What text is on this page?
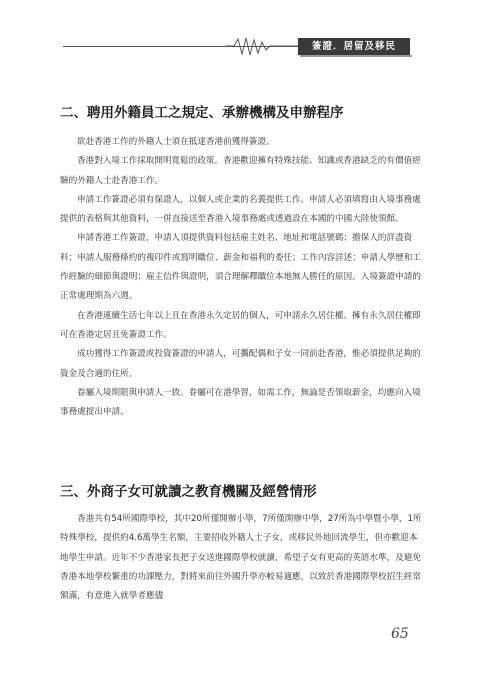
簽證．居留及移民
二、聘用外籍員工之規定、承辦機構及申辦程序

欲赴香港工作的外籍人士須在抵達香港前獲得簽證。

香港對入境工作採取開明寬鬆的政策。香港歡迎擁有特殊技能、知識或香港缺乏的有價值經驗的外籍人士赴香港工作。

申請工作簽證必須有保證人，以個人或企業的名義提供工作。申請人必須填寫由入境事務處提供的表格與其他資料，一併直接送至香港入境事務處或透過設在本國的中國大陸使領館。

申請香港工作簽證，申請人須提供資料包括雇主姓名、地址和電話號碼；擔保人的詳盡資料；申請人服務條約的複印件或寫明職位、薪金和福利的委任；工作內容詳述；申請人學歷和工作經驗的細節與證明；雇主信件與證明，須合理解釋職位本地無人勝任的原因。入境簽證申請的正常處理期為六週。

在香港連續生活七年以上且在香港永久定居的個人，可申請永久居住權。擁有永久居住權即可在香港定居且免簽證工作。

成功獲得工作簽證或投資簽證的申請人，可攜配偶和子女一同前赴香港，惟必須提供足夠的資金及合適的住所。

眷屬入境期限與申請人一致。眷屬可在港學習，如需工作，無論是否領取薪金，均應向入境事務處提出申請。

三、外商子女可就讀之教育機關及經營情形

香港共有54所國際學校，其中20所僅開辦小學，7所僅開辦中學，27所為中學暨小學，1所特殊學校，提供約4.6萬學生名額，主要招收外籍人士子女，或移民外地回流學生，但亦歡迎本地學生申請。近年不少香港家長把子女送進國際學校就讀，希望子女有更高的英語水準，及避免香港本地學校繁重的功課壓力，對將來前往外國升學亦較易適應，以致於香港國際學校招生經常額滿，有意進入就學者應儘

65
